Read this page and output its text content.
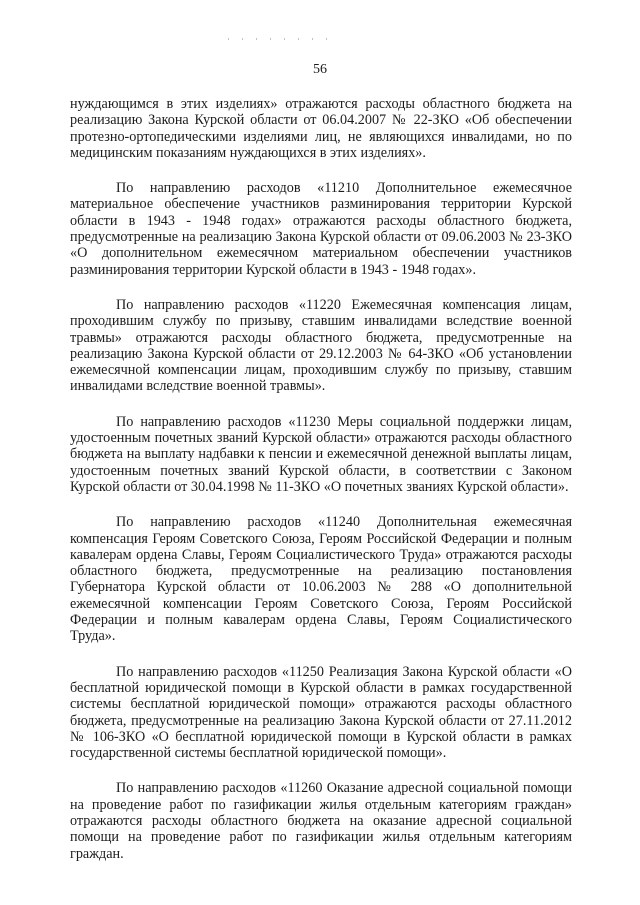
56

нуждающимся в этих изделиях» отражаются расходы областного бюджета на реализацию Закона Курской области от 06.04.2007 № 22-ЗКО «Об обеспечении протезно-ортопедическими изделиями лиц, не являющихся инвалидами, но по медицинским показаниям нуждающихся в этих изделиях».

По направлению расходов «11210 Дополнительное ежемесячное материальное обеспечение участников разминирования территории Курской области в 1943 - 1948 годах» отражаются расходы областного бюджета, предусмотренные на реализацию Закона Курской области от 09.06.2003 № 23-ЗКО «О дополнительном ежемесячном материальном обеспечении участников разминирования территории Курской области в 1943 - 1948 годах».

По направлению расходов «11220 Ежемесячная компенсация лицам, проходившим службу по призыву, ставшим инвалидами вследствие военной травмы» отражаются расходы областного бюджета, предусмотренные на реализацию Закона Курской области от 29.12.2003 № 64-ЗКО «Об установлении ежемесячной компенсации лицам, проходившим службу по призыву, ставшим инвалидами вследствие военной травмы».

По направлению расходов «11230 Меры социальной поддержки лицам, удостоенным почетных званий Курской области» отражаются расходы областного бюджета на выплату надбавки к пенсии и ежемесячной денежной выплаты лицам, удостоенным почетных званий Курской области, в соответствии с Законом Курской области от 30.04.1998 № 11-ЗКО «О почетных званиях Курской области».

По направлению расходов «11240 Дополнительная ежемесячная компенсация Героям Советского Союза, Героям Российской Федерации и полным кавалерам ордена Славы, Героям Социалистического Труда» отражаются расходы областного бюджета, предусмотренные на реализацию постановления Губернатора Курской области от 10.06.2003 № 288 «О дополнительной ежемесячной компенсации Героям Советского Союза, Героям Российской Федерации и полным кавалерам ордена Славы, Героям Социалистического Труда».

По направлению расходов «11250 Реализация Закона Курской области «О бесплатной юридической помощи в Курской области в рамках государственной системы бесплатной юридической помощи» отражаются расходы областного бюджета, предусмотренные на реализацию Закона Курской области от 27.11.2012 № 106-ЗКО «О бесплатной юридической помощи в Курской области в рамках государственной системы бесплатной юридической помощи».

По направлению расходов «11260 Оказание адресной социальной помощи на проведение работ по газификации жилья отдельным категориям граждан» отражаются расходы областного бюджета на оказание адресной социальной помощи на проведение работ по газификации жилья отдельным категориям граждан.
